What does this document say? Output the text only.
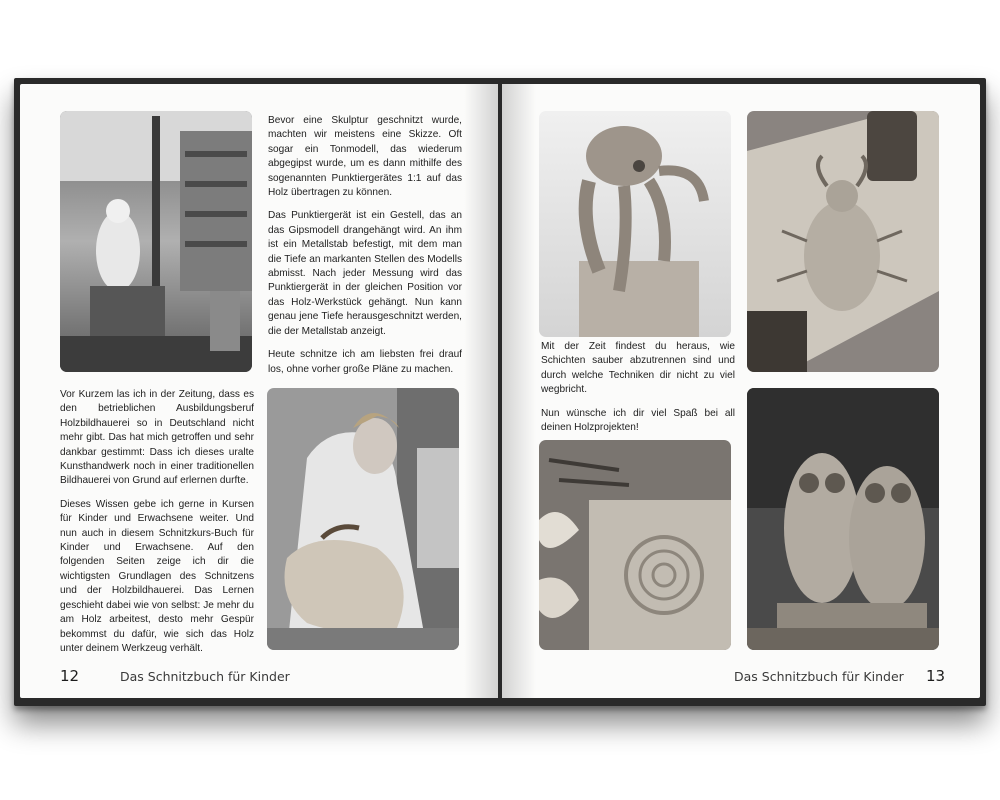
Bevor eine Skulptur geschnitzt wurde, machten wir meistens eine Skizze. Oft sogar ein Tonmodell, das wiederum abgegipst wurde, um es dann mithilfe des sogenannten Punktiergerätes 1:1 auf das Holz übertragen zu können.

Das Punktiergerät ist ein Gestell, das an das Gipsmodell drangehängt wird. An ihm ist ein Metallstab befestigt, mit dem man die Tiefe an markanten Stellen des Modells abmisst. Nach jeder Messung wird das Punktiergerät in der gleichen Position vor das Holz-Werkstück gehängt. Nun kann genau jene Tiefe herausgeschnitzt werden, die der Metallstab anzeigt.

Heute schnitze ich am liebsten frei drauf los, ohne vorher große Pläne zu machen.

Vor Kurzem las ich in der Zeitung, dass es den betrieblichen Ausbildungsberuf Holzbildhauerei so in Deutschland nicht mehr gibt. Das hat mich getroffen und sehr dankbar gestimmt: Dass ich dieses uralte Kunsthandwerk noch in einer traditionellen Bildhauerei von Grund auf erlernen durfte.

Dieses Wissen gebe ich gerne in Kursen für Kinder und Erwachsene weiter. Und nun auch in diesem Schnitzkurs-Buch für Kinder und Erwachsene. Auf den folgenden Seiten zeige ich dir die wichtigsten Grundlagen des Schnitzens und der Holzbildhauerei. Das Lernen geschieht dabei wie von selbst: Je mehr du am Holz arbeitest, desto mehr Gespür bekommst du dafür, wie sich das Holz unter deinem Werkzeug verhält.

12	Das Schnitzbuch für Kinder

Mit der Zeit findest du heraus, wie Schichten sauber abzutrennen sind und durch welche Techniken dir nicht zu viel wegbricht.

Nun wünsche ich dir viel Spaß bei all deinen Holzprojekten!

Das Schnitzbuch für Kinder 13
